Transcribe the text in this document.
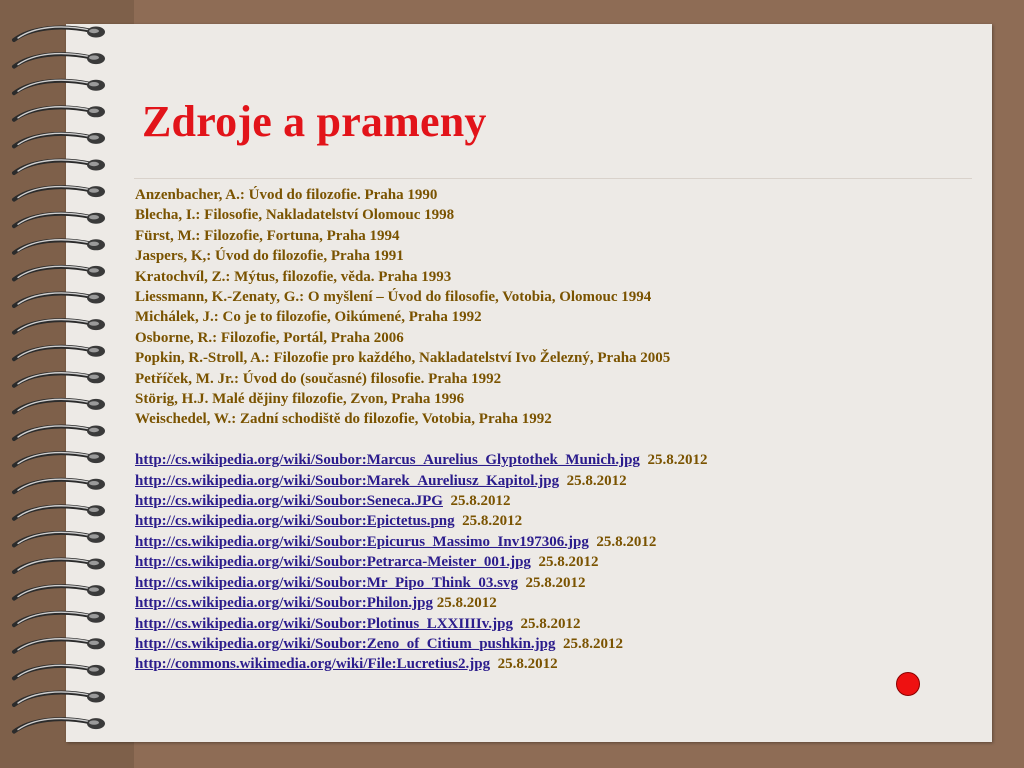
Zdroje a prameny
Anzenbacher, A.: Úvod do filozofie. Praha 1990
Blecha, I.: Filosofie, Nakladatelství Olomouc 1998
Fürst, M.: Filozofie, Fortuna, Praha 1994
Jaspers, K,: Úvod do filozofie, Praha 1991
Kratochvíl, Z.: Mýtus, filozofie, věda. Praha 1993
Liessmann, K.-Zenaty, G.: O myšlení – Úvod do filosofie, Votobia, Olomouc 1994
Michálek, J.: Co je to filozofie, Oikúmené, Praha 1992
Osborne, R.: Filozofie, Portál, Praha 2006
Popkin, R.-Stroll, A.: Filozofie pro každého, Nakladatelství Ivo Železný, Praha 2005
Petříček, M. Jr.: Úvod do (současné) filosofie. Praha 1992
Störig, H.J. Malé dějiny filozofie, Zvon, Praha 1996
Weischedel, W.: Zadní schodiště do filozofie, Votobia, Praha 1992
http://cs.wikipedia.org/wiki/Soubor:Marcus_Aurelius_Glyptothek_Munich.jpg 25.8.2012
http://cs.wikipedia.org/wiki/Soubor:Marek_Aureliusz_Kapitol.jpg 25.8.2012
http://cs.wikipedia.org/wiki/Soubor:Seneca.JPG 25.8.2012
http://cs.wikipedia.org/wiki/Soubor:Epictetus.png 25.8.2012
http://cs.wikipedia.org/wiki/Soubor:Epicurus_Massimo_Inv197306.jpg 25.8.2012
http://cs.wikipedia.org/wiki/Soubor:Petrarca-Meister_001.jpg 25.8.2012
http://cs.wikipedia.org/wiki/Soubor:Mr_Pipo_Think_03.svg 25.8.2012
http://cs.wikipedia.org/wiki/Soubor:Philon.jpg 25.8.2012
http://cs.wikipedia.org/wiki/Soubor:Plotinus_LXXIIIIv.jpg 25.8.2012
http://cs.wikipedia.org/wiki/Soubor:Zeno_of_Citium_pushkin.jpg 25.8.2012
http://commons.wikimedia.org/wiki/File:Lucretius2.jpg 25.8.2012
